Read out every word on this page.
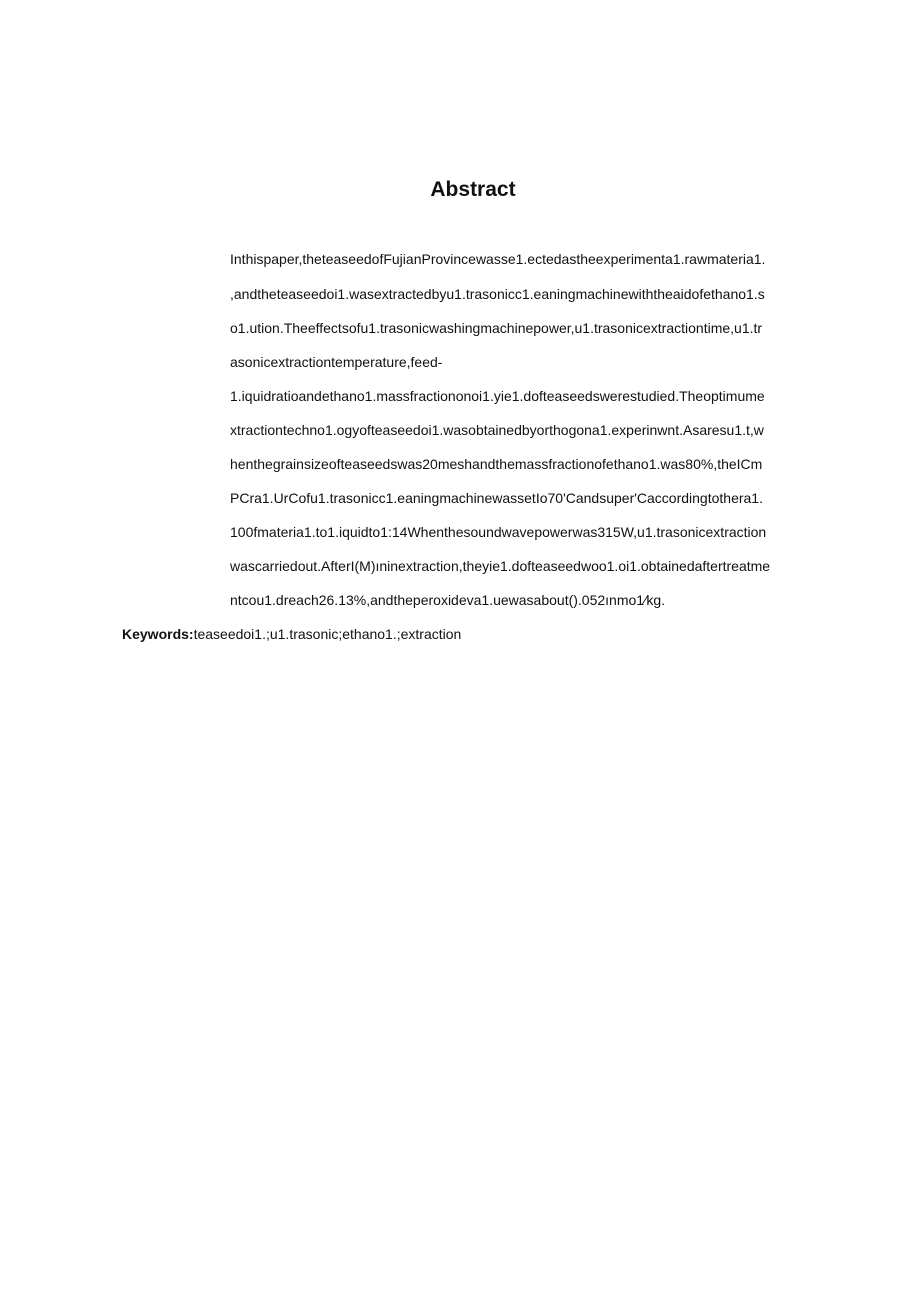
Abstract
Inthispaper,theteaseedofFujianProvincewasse1.ectedastheexperimenta1.rawmateria1.
,andtheteaseedoi1.wasextractedbyu1.trasonicc1.eaningmachinewiththeaidofethano1.s
o1.ution.Theeffectsofu1.trasonicwashingmachinepower,u1.trasonicextractiontime,u1.tr
asonicextractiontemperature,feed-
1.iquidratioandethano1.massfractiononoi1.yie1.dofteaseedswerestudied.Theoptimume
xtractiontechno1.ogyofteaseedoi1.wasobtainedbyorthogona1.experinwnt.Asaresu1.t,w
henthegrainsizeofteaseedswas20meshandthemassfractionofethano1.was80%,theICm
PCra1.UrCofu1.trasonicc1.eaningmachinewassetIo70'Candsuper'Caccordingtothera1.
100fmateria1.to1.iquidto1:14Whenthesoundwavepowerwas315W,u1.trasonicextraction
wascarriedout.AfterI(M)ıninextraction,theyie1.dofteaseedwoo1.oi1.obtainedaftertreatme
ntcou1.dreach26.13%,andtheperoxideva1.uewasabout().052ınmo1⁄kg.
Keywords:teaseedoi1.;u1.trasonic;ethano1.;extraction
